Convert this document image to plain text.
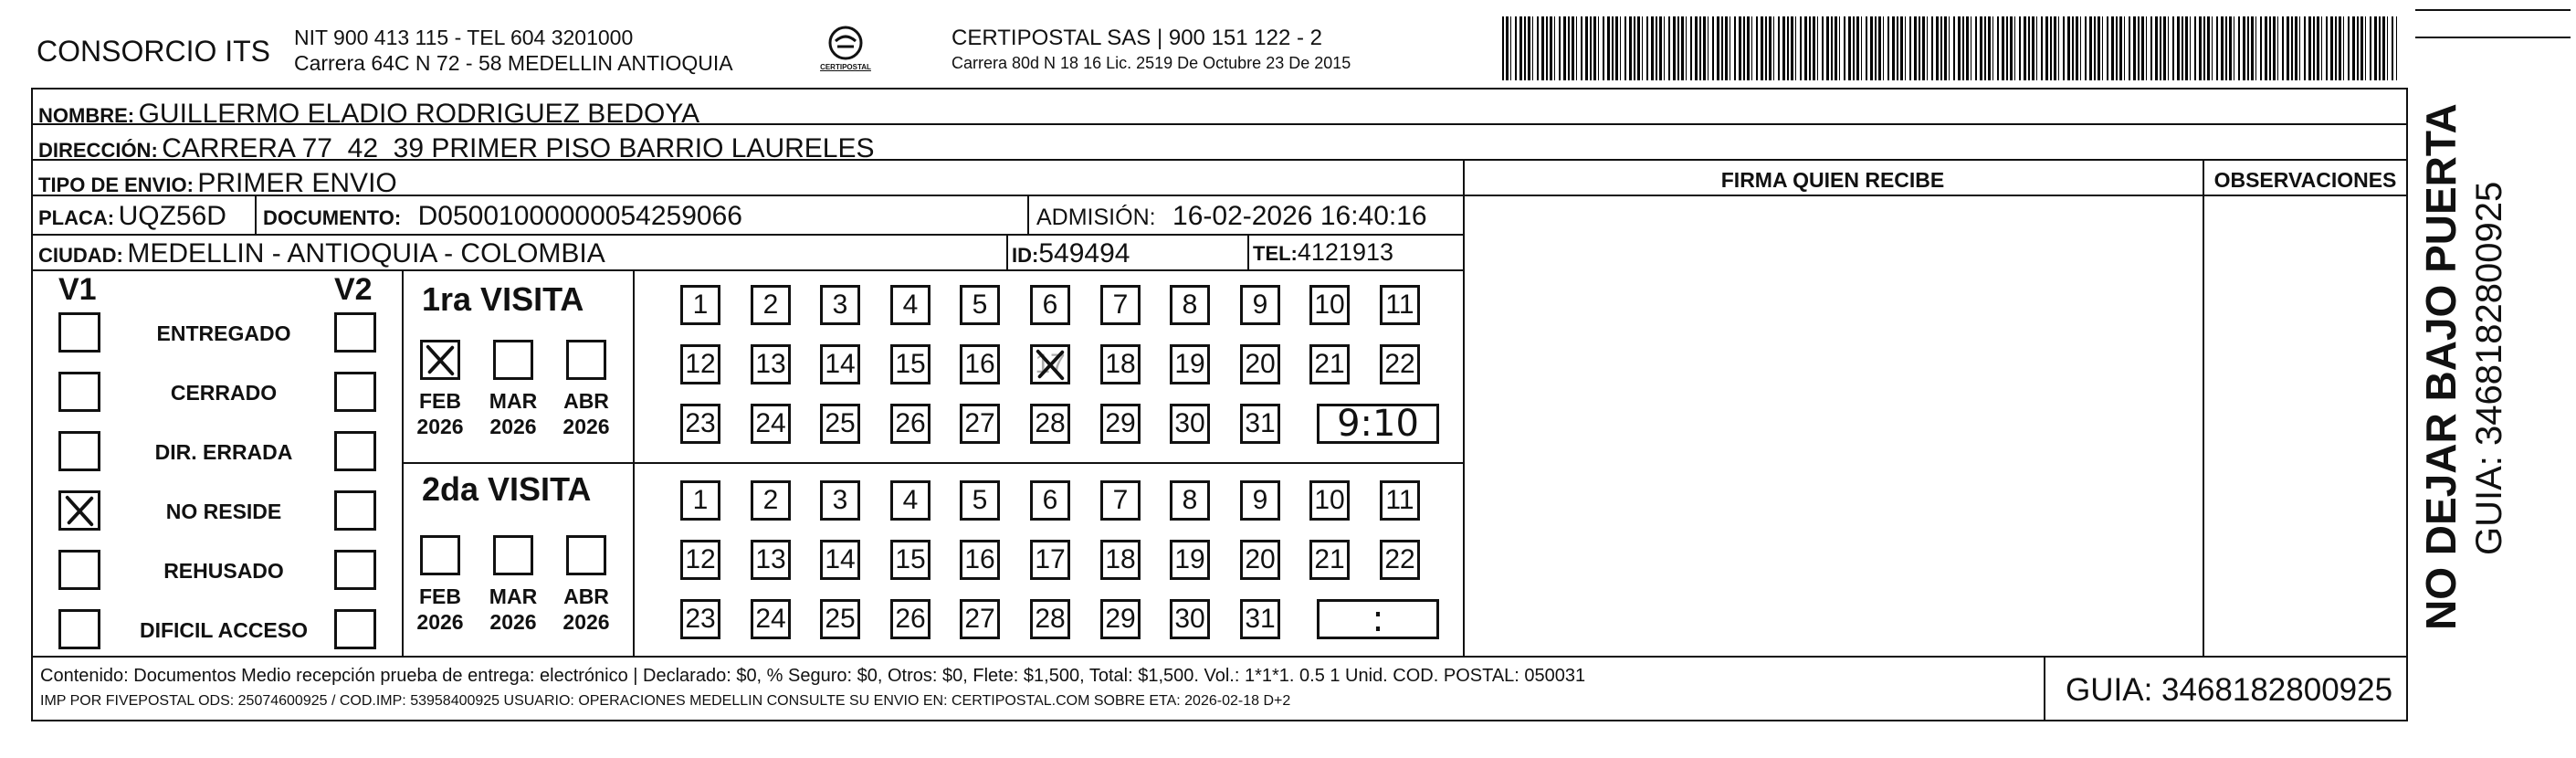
CONSORCIO ITS NIT 900 413 115 - TEL 604 3201000
Carrera 64C N 72 - 58 MEDELLIN ANTIOQUIA	CERTIPOSTAL
CERTIPOSTAL SAS | 900 151 122 - 2
Carrera 80d N 18 16 Lic. 2519 De Octubre 23 De 2015
NOMBRE: GUILLERMO ELADIO RODRIGUEZ BEDOYA
DIRECCIÓN: CARRERA 77  42  39 PRIMER PISO BARRIO LAURELES
TIPO DE ENVIO: PRIMER ENVIO	FIRMA QUIEN RECIBE	OBSERVACIONES
PLACA: UQZ56D DOCUMENTO: D05001000000054259066	ADMISIÓN: 16-02-2026 16:40:16
CIUDAD: MEDELLIN - ANTIOQUIA - COLOMBIA	ID:549494	TEL:4121913
V1	V2
ENTREGADO
CERRADO
DIR. ERRADA
NO RESIDE
REHUSADO
DIFICIL ACCESO
1ra VISITA
2da VISITA
FEB
2026
MAR
2026
ABR
2026
FEB
2026
MAR
2026
ABR
2026
1 2 3 4 5 6 7 8 9 10 11
12 13 14 15 16 17 18 19 20 21 22
23 24 25 26 27 28 29 30 31 9:10
1 2 3 4 5 6 7 8 9 10 11
12 13 14 15 16 17 18 19 20 21 22
23 24 25 26 27 28 29 30 31	:
Contenido: Documentos Medio recepción prueba de entrega: electrónico | Declarado: $0, % Seguro: $0, Otros: $0, Flete: $1,500, Total: $1,500. Vol.: 1*1*1. 0.5 1 Unid. COD. POSTAL: 050031
IMP POR FIVEPOSTAL ODS: 25074600925 / COD.IMP: 53958400925 USUARIO: OPERACIONES MEDELLIN CONSULTE SU ENVIO EN: CERTIPOSTAL.COM SOBRE ETA: 2026-02-18 D+2	GUIA: 3468182800925
NO DEJAR BAJO PUERTA GUIA: 3468182800925
